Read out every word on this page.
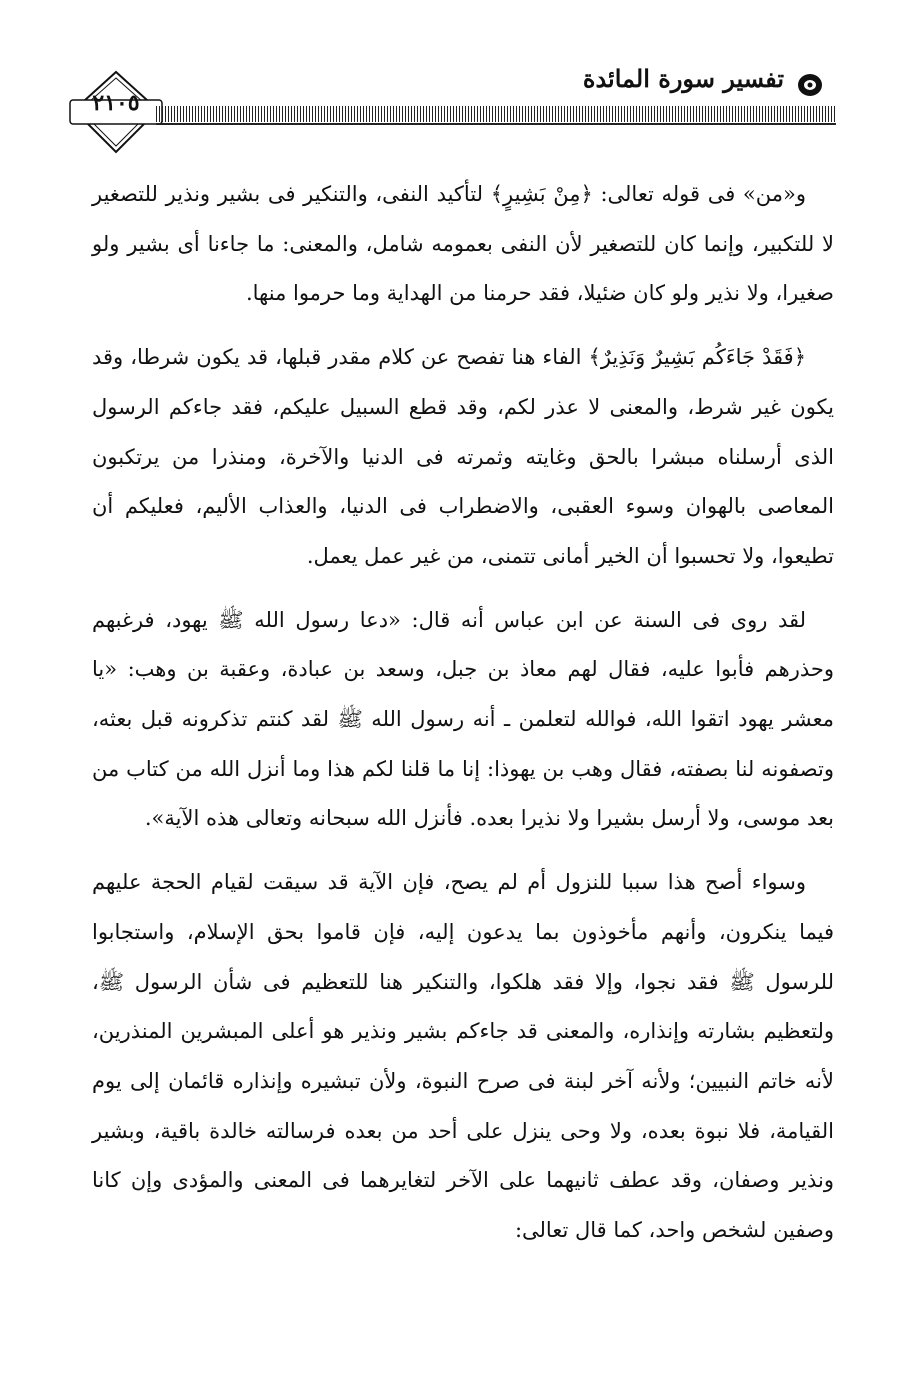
٢١٠٥
تفسير سورة المائدة

و«من» فى قوله تعالى: ﴿مِنْ بَشِيرٍ﴾ لتأكيد النفى، والتنكير فى بشير ونذير للتصغير لا للتكبير، وإنما كان للتصغير لأن النفى بعمومه شامل، والمعنى: ما جاءنا أى بشير ولو صغيرا، ولا نذير ولو كان ضئيلا، فقد حرمنا من الهداية وما حرموا منها.

﴿فَقَدْ جَاءَكُم بَشِيرٌ وَنَذِيرٌ﴾ الفاء هنا تفصح عن كلام مقدر قبلها، قد يكون شرطا، وقد يكون غير شرط، والمعنى لا عذر لكم، وقد قطع السبيل عليكم، فقد جاءكم الرسول الذى أرسلناه مبشرا بالحق وغايته وثمرته فى الدنيا والآخرة، ومنذرا من يرتكبون المعاصى بالهوان وسوء العقبى، والاضطراب فى الدنيا، والعذاب الأليم، فعليكم أن تطيعوا، ولا تحسبوا أن الخير أمانى تتمنى، من غير عمل يعمل.

لقد روى فى السنة عن ابن عباس أنه قال: «دعا رسول الله ﷺ يهود، فرغبهم وحذرهم فأبوا عليه، فقال لهم معاذ بن جبل، وسعد بن عبادة، وعقبة بن وهب: «يا معشر يهود اتقوا الله، فوالله لتعلمن ـ أنه رسول الله ﷺ لقد كنتم تذكرونه قبل بعثه، وتصفونه لنا بصفته، فقال وهب بن يهوذا: إنا ما قلنا لكم هذا وما أنزل الله من كتاب من بعد موسى، ولا أرسل بشيرا ولا نذيرا بعده. فأنزل الله سبحانه وتعالى هذه الآية».

وسواء أصح هذا سببا للنزول أم لم يصح، فإن الآية قد سيقت لقيام الحجة عليهم فيما ينكرون، وأنهم مأخوذون بما يدعون إليه، فإن قاموا بحق الإسلام، واستجابوا للرسول ﷺ فقد نجوا، وإلا فقد هلكوا، والتنكير هنا للتعظيم فى شأن الرسول ﷺ، ولتعظيم بشارته وإنذاره، والمعنى قد جاءكم بشير ونذير هو أعلى المبشرين المنذرين، لأنه خاتم النبيين؛ ولأنه آخر لبنة فى صرح النبوة، ولأن تبشيره وإنذاره قائمان إلى يوم القيامة، فلا نبوة بعده، ولا وحى ينزل على أحد من بعده فرسالته خالدة باقية، وبشير ونذير وصفان، وقد عطف ثانيهما على الآخر لتغايرهما فى المعنى والمؤدى وإن كانا وصفين لشخص واحد، كما قال تعالى:
